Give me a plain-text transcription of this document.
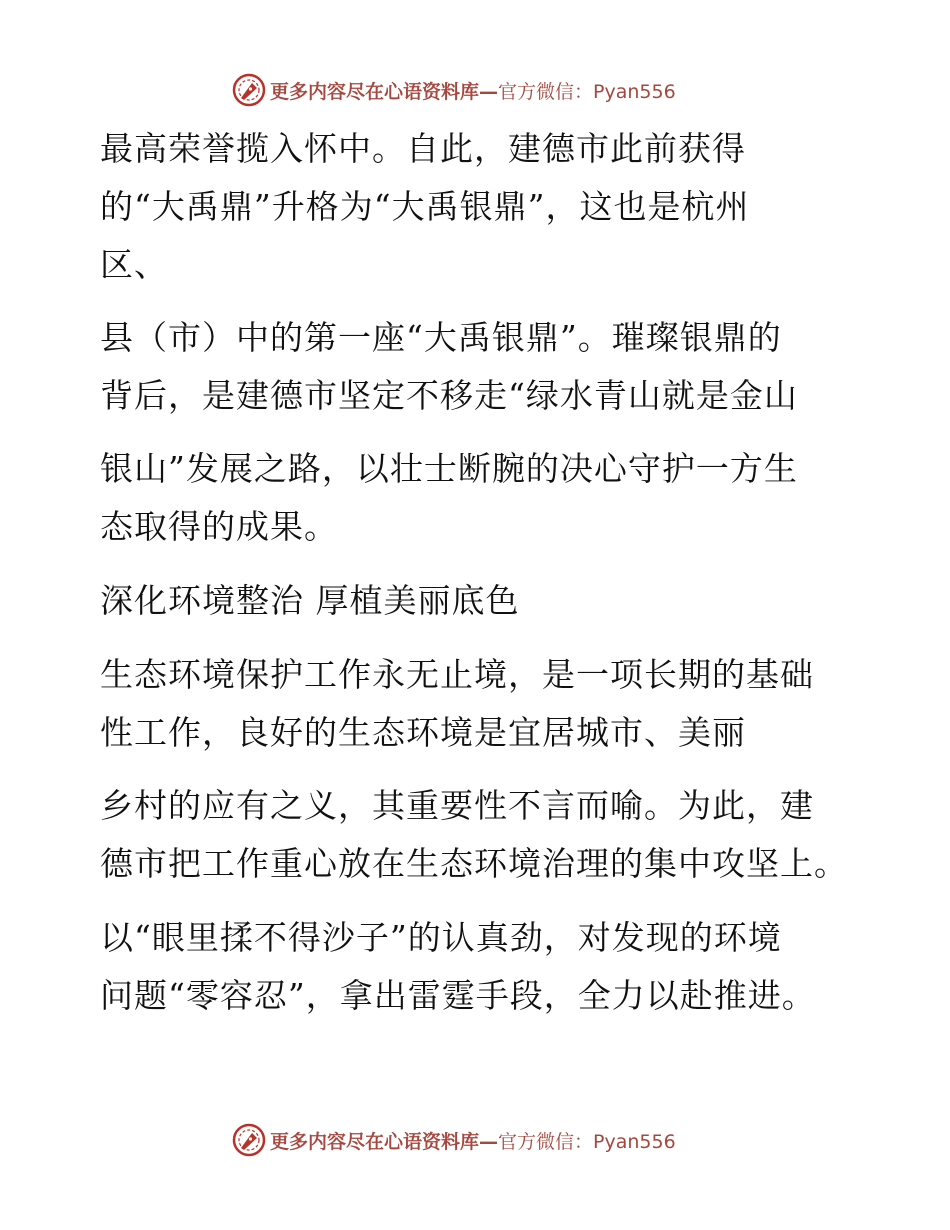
更多内容尽在心语资料库—官方微信：Pyan556
最高荣誉揽入怀中。自此，建德市此前获得
的“大禹鼎”升格为“大禹银鼎”，这也是杭州
区、
县（市）中的第一座“大禹银鼎”。璀璨银鼎的
背后，是建德市坚定不移走“绿水青山就是金山
银山”发展之路，以壮士断腕的决心守护一方生
态取得的成果。
深化环境整治 厚植美丽底色
生态环境保护工作永无止境，是一项长期的基础
性工作，良好的生态环境是宜居城市、美丽
乡村的应有之义，其重要性不言而喻。为此，建
德市把工作重心放在生态环境治理的集中攻坚上。
以“眼里揉不得沙子”的认真劲，对发现的环境
问题“零容忍”，拿出雷霆手段，全力以赴推进。
更多内容尽在心语资料库—官方微信：Pyan556
